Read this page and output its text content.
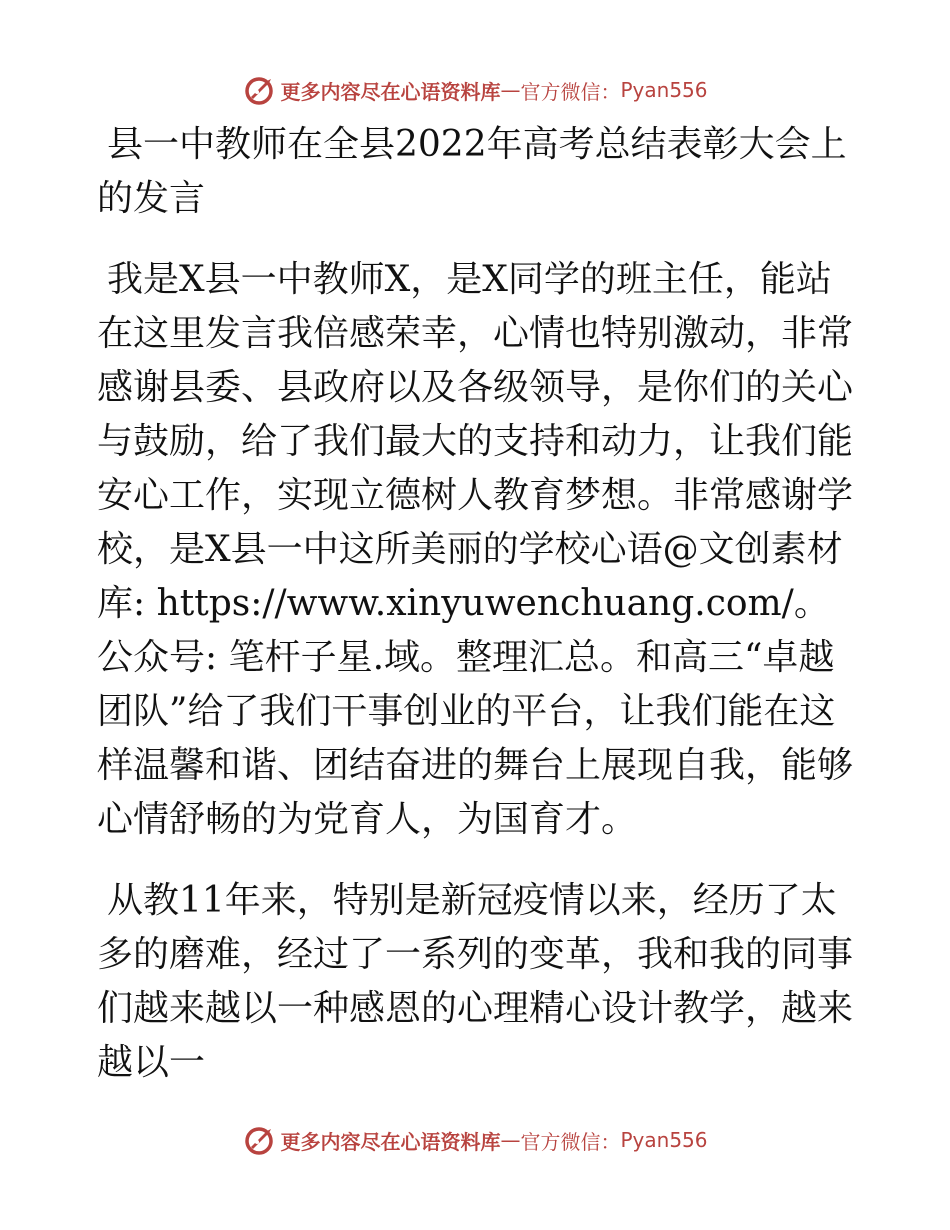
更多内容尽在心语资料库 — 官方微信： Pyan556
县一中教师在全县2022年高考总结表彰大会上的发言

我是X县一中教师X，是X同学的班主任，能站在这里发言我倍感荣幸，心情也特别激动，非常感谢县委、县政府以及各级领导，是你们的关心与鼓励，给了我们最大的支持和动力，让我们能安心工作，实现立德树人教育梦想。非常感谢学校，是X县一中这所美丽的学校心语@文创素材库: https://www.xinyuwenchuang.com/。公众号: 笔杆子星.域。整理汇总。和高三“卓越团队”给了我们干事创业的平台，让我们能在这样温馨和谐、团结奋进的舞台上展现自我，能够心情舒畅的为党育人，为国育才。

从教11年来，特别是新冠疫情以来，经历了太多的磨难，经过了一系列的变革，我和我的同事们越来越以一种感恩的心理精心设计教学，越来越以一

更多内容尽在心语资料库 — 官方微信： Pyan556
